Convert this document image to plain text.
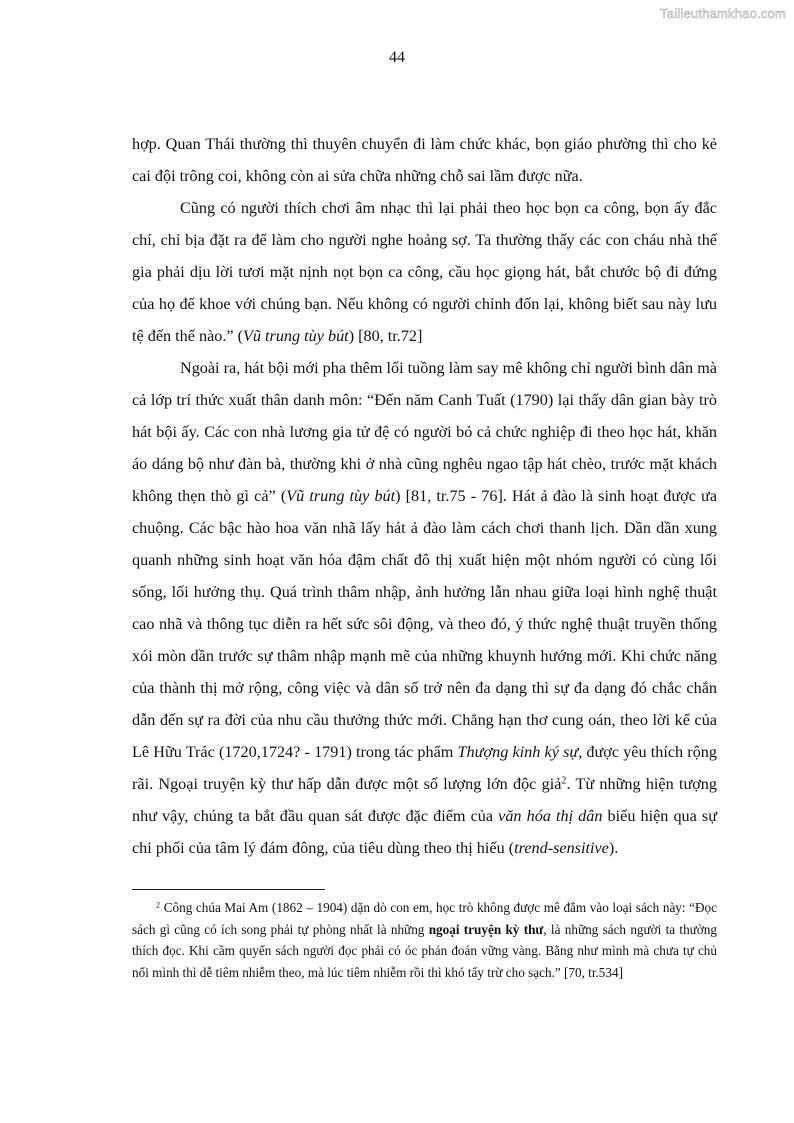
Tailieuthamkhao.com
44

hợp. Quan Thái thường thì thuyên chuyển đi làm chức khác, bọn giáo phường thì cho kẻ cai đội trông coi, không còn ai sửa chữa những chỗ sai lầm được nữa.

Cũng có người thích chơi âm nhạc thì lại phải theo học bọn ca công, bọn ấy đắc chí, chỉ bịa đặt ra để làm cho người nghe hoảng sợ. Ta thường thấy các con cháu nhà thế gia phải dịu lời tươi mặt nịnh nọt bọn ca công, cầu học giọng hát, bắt chước bộ đi đứng của họ để khoe với chúng bạn. Nếu không có người chỉnh đốn lại, không biết sau này lưu tệ đến thế nào.” (Vũ trung tùy bút) [80, tr.72]

Ngoài ra, hát bội mới pha thêm lối tuồng làm say mê không chỉ người bình dân mà cả lớp trí thức xuất thân danh môn: “Đến năm Canh Tuất (1790) lại thấy dân gian bày trò hát bội ấy. Các con nhà lương gia tử đệ có người bỏ cả chức nghiệp đi theo học hát, khăn áo dáng bộ như đàn bà, thường khi ở nhà cũng nghêu ngao tập hát chèo, trước mặt khách không thẹn thò gì cả” (Vũ trung tùy bút) [81, tr.75 - 76]. Hát ả đào là sinh hoạt được ưa chuộng. Các bậc hào hoa văn nhã lấy hát ả đào làm cách chơi thanh lịch. Dần dần xung quanh những sinh hoạt văn hóa đậm chất đô thị xuất hiện một nhóm người có cùng lối sống, lối hưởng thụ. Quá trình thâm nhập, ảnh hưởng lẫn nhau giữa loại hình nghệ thuật cao nhã và thông tục diễn ra hết sức sôi động, và theo đó, ý thức nghệ thuật truyền thống xói mòn dần trước sự thâm nhập mạnh mẽ của những khuynh hướng mới. Khi chức năng của thành thị mở rộng, công việc và dân số trở nên đa dạng thì sự đa dạng đó chắc chắn dẫn đến sự ra đời của nhu cầu thưởng thức mới. Chẳng hạn thơ cung oán, theo lời kể của Lê Hữu Trác (1720,1724? - 1791) trong tác phẩm Thượng kinh ký sự, được yêu thích rộng rãi. Ngoại truyện kỳ thư hấp dẫn được một số lượng lớn độc giả$^2$. Từ những hiện tượng như vậy, chúng ta bắt đầu quan sát được đặc điểm của văn hóa thị dân biểu hiện qua sự chi phối của tâm lý đám đông, của tiêu dùng theo thị hiếu (trend-sensitive).

$^2$ Công chúa Mai Am (1862 – 1904) dặn dò con em, học trò không được mê đắm vào loại sách này: “Đọc sách gì cũng có ích song phải tự phòng nhất là những ngoại truyện kỳ thư, là những sách người ta thường thích đọc. Khi cầm quyển sách người đọc phải có óc phán đoán vững vàng. Bằng như mình mà chưa tự chủ nổi mình thì dễ tiêm nhiễm theo, mà lúc tiêm nhiễm rồi thì khó tẩy trừ cho sạch.” [70, tr.534]
